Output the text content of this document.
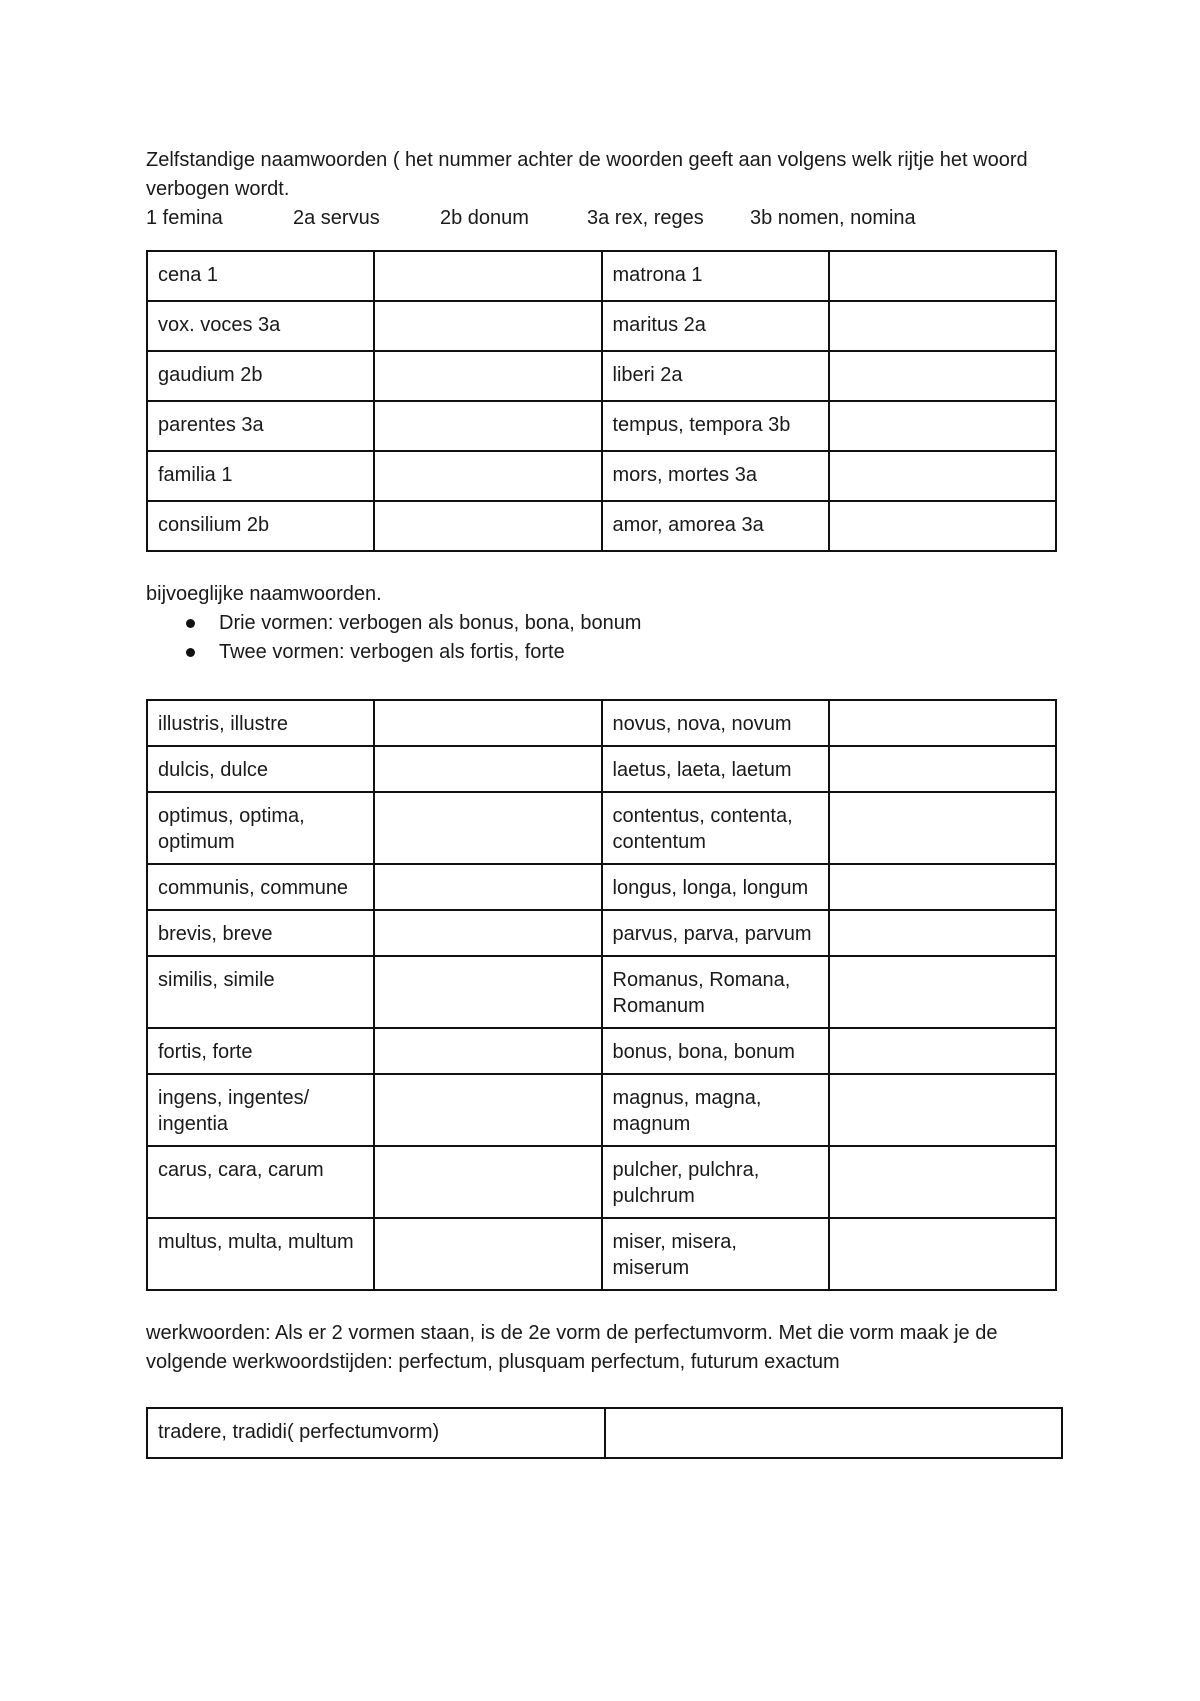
Zelfstandige naamwoorden ( het nummer achter de woorden geeft aan volgens welk rijtje het woord verbogen wordt.

1 femina	2a servus	2b donum	3a rex, reges	3b nomen, nomina
cena 1		matrona 1	
vox. voces 3a		maritus 2a	
gaudium 2b		liberi 2a	
parentes 3a		tempus, tempora 3b	
familia 1		mors, mortes 3a	
consilium 2b		amor, amorea 3a	

bijvoeglijke naamwoorden.

Drie vormen: verbogen als bonus, bona, bonum
Twee vormen: verbogen als fortis, forte
illustris, illustre		novus, nova, novum	
dulcis, dulce		laetus, laeta, laetum	
optimus, optima, optimum		contentus, contenta, contentum	
communis, commune		longus, longa, longum	
brevis, breve		parvus, parva, parvum	
similis, simile		Romanus, Romana, Romanum	
fortis, forte		bonus, bona, bonum	
ingens, ingentes/ ingentia		magnus, magna, magnum	
carus, cara, carum		pulcher, pulchra, pulchrum	
multus, multa, multum		miser, misera, miserum	

werkwoorden: Als er 2 vormen staan, is de 2e vorm de perfectumvorm. Met die vorm maak je de volgende werkwoordstijden: perfectum, plusquam perfectum, futurum exactum

tradere, tradidi( perfectumvorm)	
